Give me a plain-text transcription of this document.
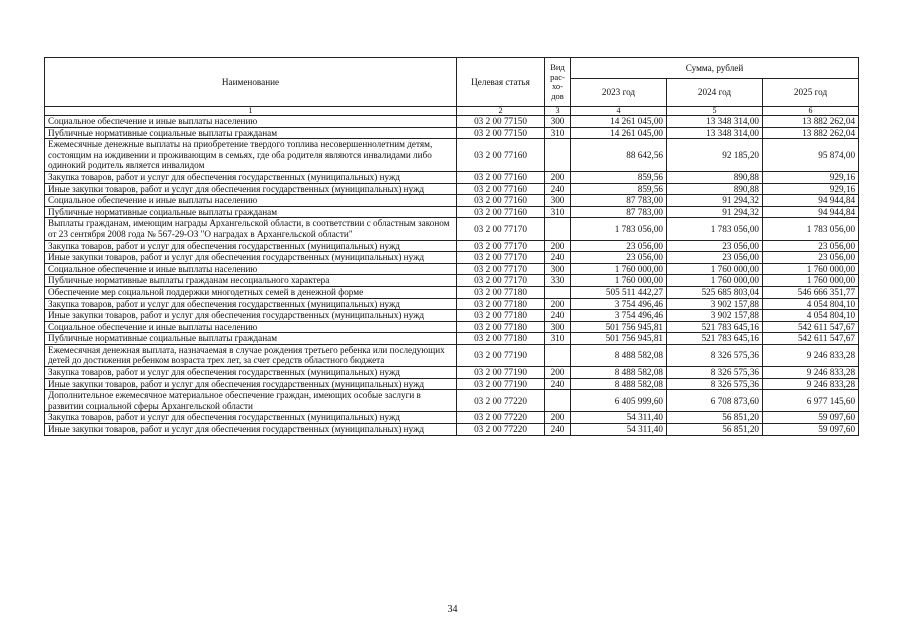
Наименование	Целевая статья	Вид рас-хо-дов	Сумма, рублей		
			2023 год	2024 год	2025 год
1	2	3	4	5	6
Социальное обеспечение и иные выплаты населению	03 2 00 77150	300	14 261 045,00	13 348 314,00	13 882 262,04
Публичные нормативные социальные выплаты гражданам	03 2 00 77150	310	14 261 045,00	13 348 314,00	13 882 262,04
Ежемесячные денежные выплаты на приобретение твердого топлива несовершеннолетним детям, состоящим на иждивении и проживающим в семьях, где оба родителя являются инвалидами либо одинокий родитель является инвалидом	03 2 00 77160		88 642,56	92 185,20	95 874,00
Закупка товаров, работ и услуг для обеспечения государственных (муниципальных) нужд	03 2 00 77160	200	859,56	890,88	929,16
Иные закупки товаров, работ и услуг для обеспечения государственных (муниципальных) нужд	03 2 00 77160	240	859,56	890,88	929,16
Социальное обеспечение и иные выплаты населению	03 2 00 77160	300	87 783,00	91 294,32	94 944,84
Публичные нормативные социальные выплаты гражданам	03 2 00 77160	310	87 783,00	91 294,32	94 944,84
Выплаты гражданам, имеющим награды Архангельской области, в соответствии с областным законом от 23 сентября 2008 года № 567-29-ОЗ "О наградах в Архангельской области"	03 2 00 77170		1 783 056,00	1 783 056,00	1 783 056,00
Закупка товаров, работ и услуг для обеспечения государственных (муниципальных) нужд	03 2 00 77170	200	23 056,00	23 056,00	23 056,00
Иные закупки товаров, работ и услуг для обеспечения государственных (муниципальных) нужд	03 2 00 77170	240	23 056,00	23 056,00	23 056,00
Социальное обеспечение и иные выплаты населению	03 2 00 77170	300	1 760 000,00	1 760 000,00	1 760 000,00
Публичные нормативные выплаты гражданам несоциального характера	03 2 00 77170	330	1 760 000,00	1 760 000,00	1 760 000,00
Обеспечение мер социальной поддержки многодетных семей в денежной форме	03 2 00 77180		505 511 442,27	525 685 803,04	546 666 351,77
Закупка товаров, работ и услуг для обеспечения государственных (муниципальных) нужд	03 2 00 77180	200	3 754 496,46	3 902 157,88	4 054 804,10
Иные закупки товаров, работ и услуг для обеспечения государственных (муниципальных) нужд	03 2 00 77180	240	3 754 496,46	3 902 157,88	4 054 804,10
Социальное обеспечение и иные выплаты населению	03 2 00 77180	300	501 756 945,81	521 783 645,16	542 611 547,67
Публичные нормативные социальные выплаты гражданам	03 2 00 77180	310	501 756 945,81	521 783 645,16	542 611 547,67
Ежемесячная денежная выплата, назначаемая в случае рождения третьего ребенка или последующих детей до достижения ребенком возраста трех лет, за счет средств областного бюджета	03 2 00 77190		8 488 582,08	8 326 575,36	9 246 833,28
Закупка товаров, работ и услуг для обеспечения государственных (муниципальных) нужд	03 2 00 77190	200	8 488 582,08	8 326 575,36	9 246 833,28
Иные закупки товаров, работ и услуг для обеспечения государственных (муниципальных) нужд	03 2 00 77190	240	8 488 582,08	8 326 575,36	9 246 833,28
Дополнительное ежемесячное материальное обеспечение граждан, имеющих особые заслуги в развитии социальной сферы Архангельской области	03 2 00 77220		6 405 999,60	6 708 873,60	6 977 145,60
Закупка товаров, работ и услуг для обеспечения государственных (муниципальных) нужд	03 2 00 77220	200	54 311,40	56 851,20	59 097,60
Иные закупки товаров, работ и услуг для обеспечения государственных (муниципальных) нужд	03 2 00 77220	240	54 311,40	56 851,20	59 097,60
34
